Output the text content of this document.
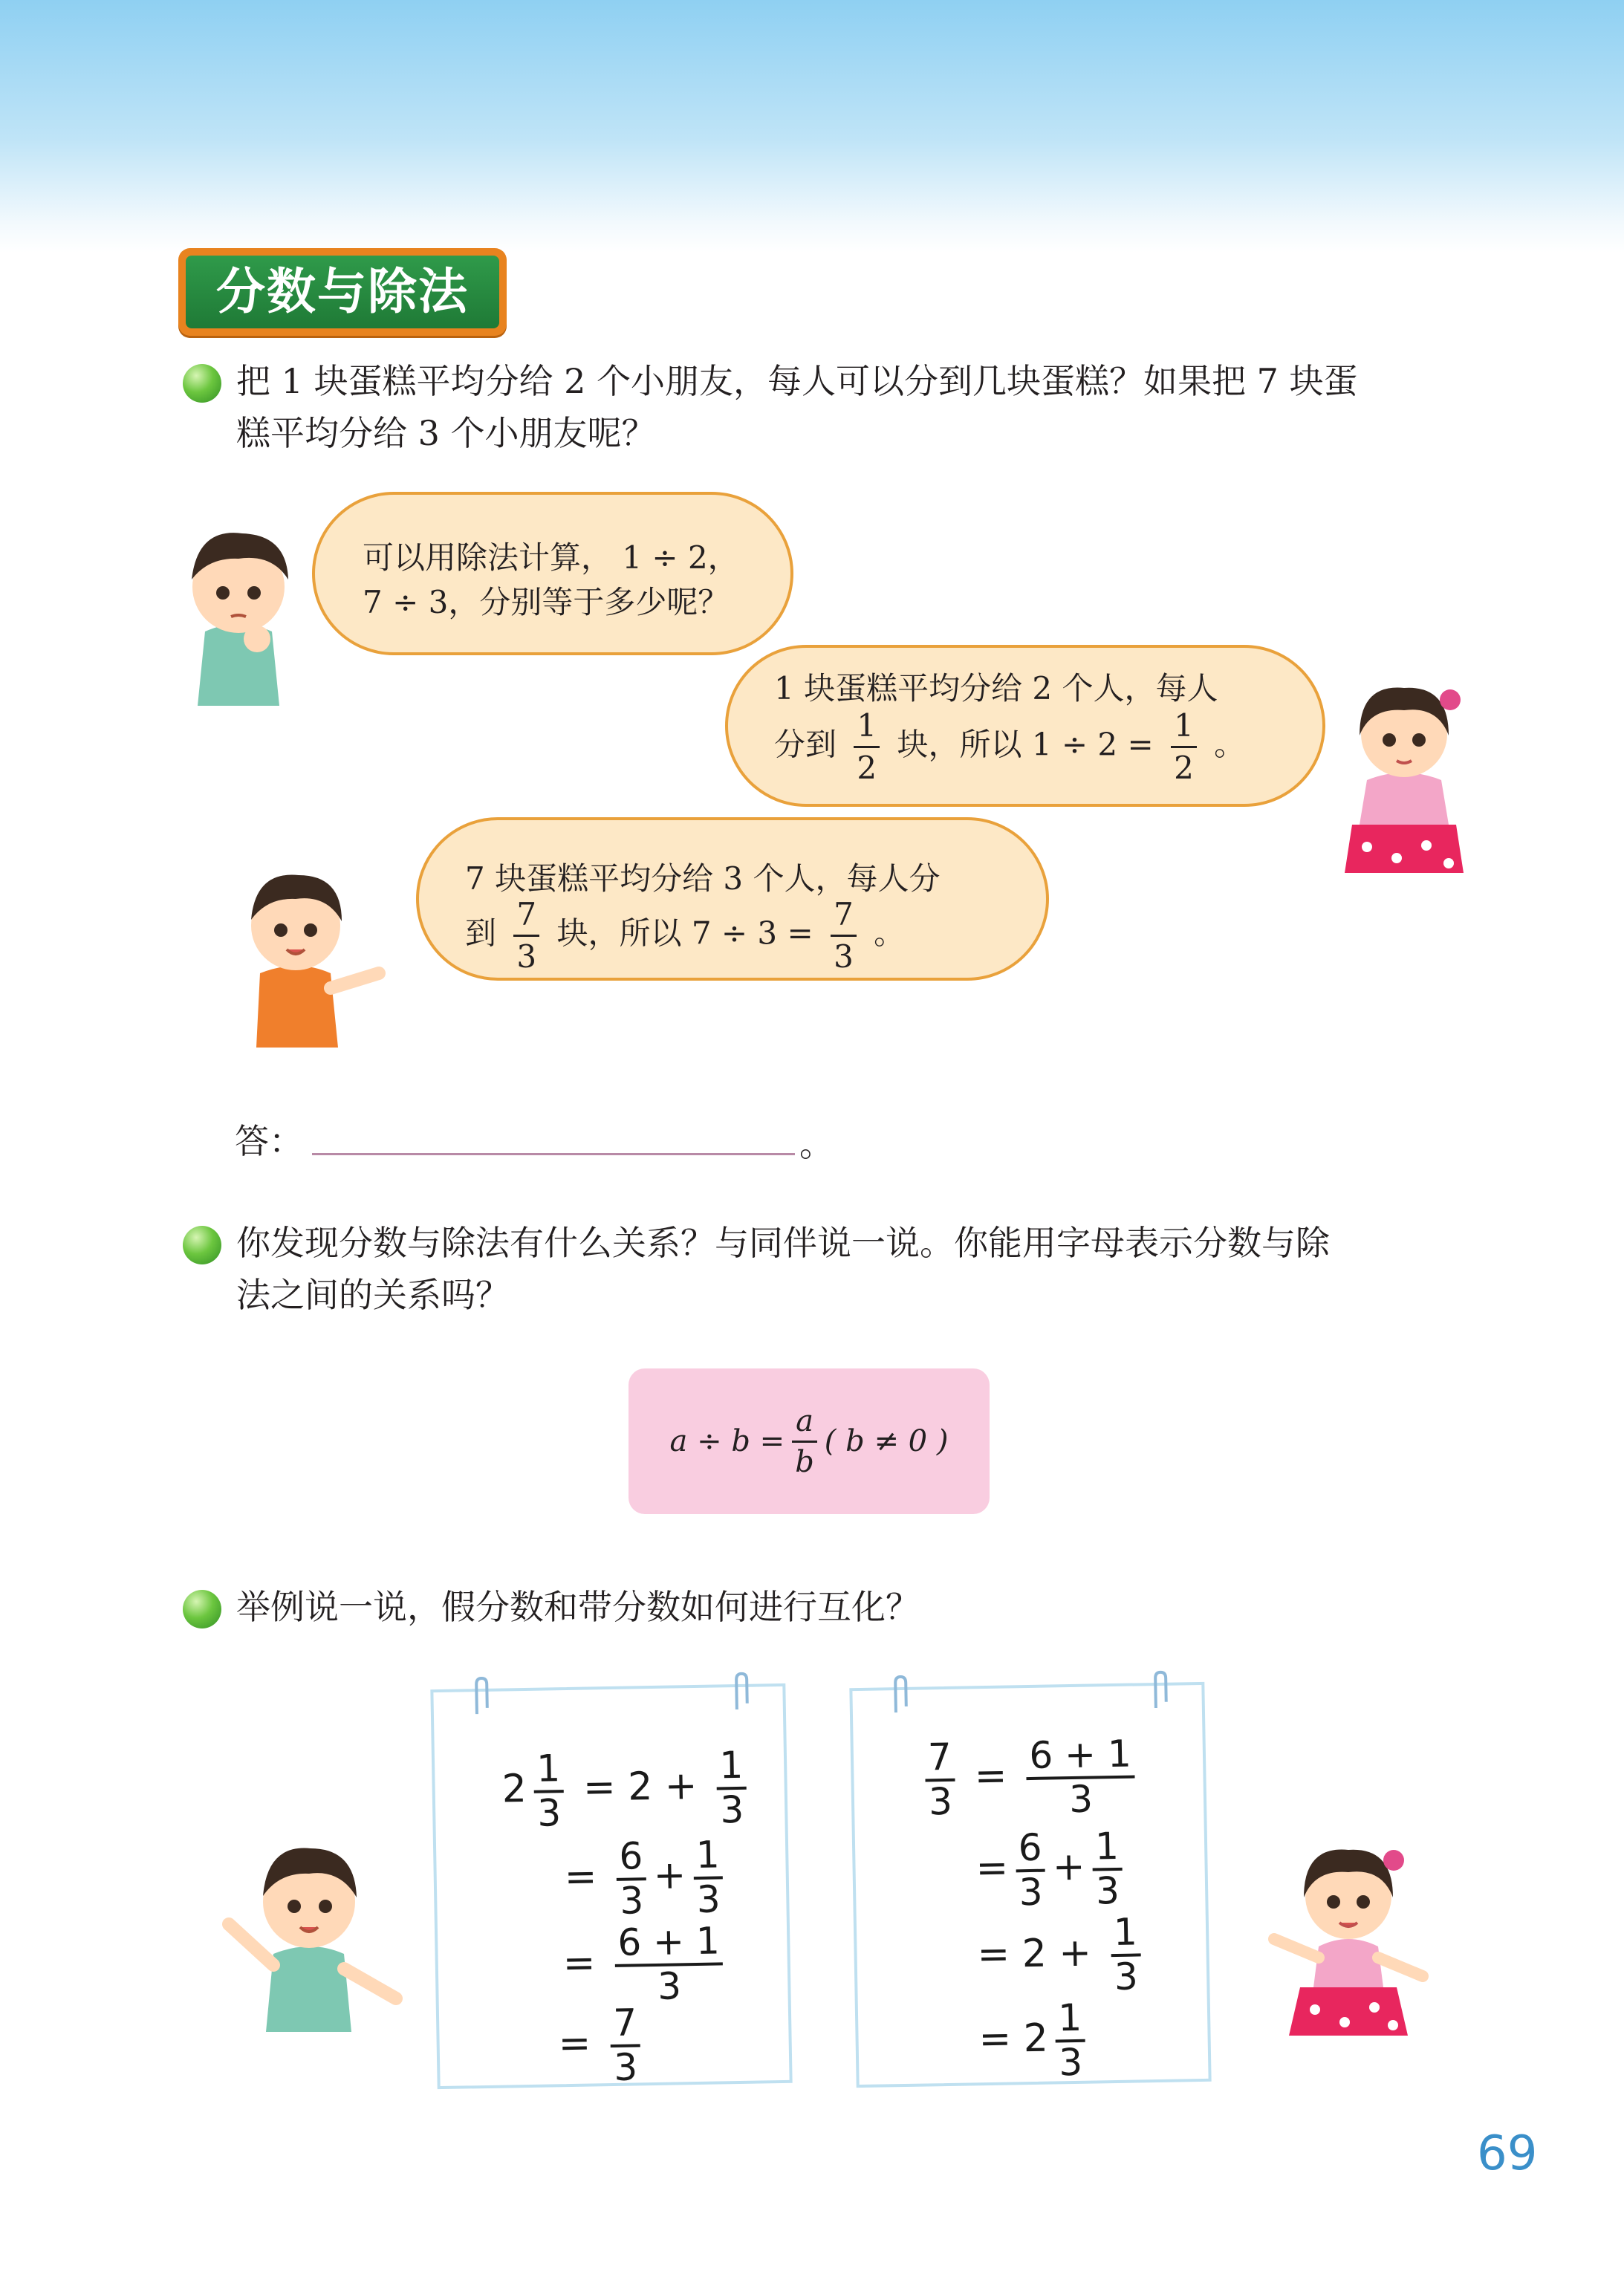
分数与除法
把 1 块蛋糕平均分给 2 个小朋友，每人可以分到几块蛋糕？如果把 7 块蛋
糕平均分给 3 个小朋友呢？
可以用除法计算， 1 ÷ 2，
7 ÷ 3，分别等于多少呢？
1 块蛋糕平均分给 2 个人，每人
分到 $\frac{1}{2}$ 块，所以 $1 \div 2 = \frac{1}{2}$ 。
7 块蛋糕平均分给 3 个人，每人分
到 $\frac{7}{3}$ 块，所以 $7 \div 3 = \frac{7}{3}$ 。
答：	。
你发现分数与除法有什么关系？与同伴说一说。你能用字母表示分数与除
法之间的关系吗？
$a \div b = \frac{a}{b}$ ( b ≠ 0 )
举例说一说，假分数和带分数如何进行互化？
$2 \frac{1}{3} = 2 + \frac{1}{3}$
= $\frac{6}{3} + \frac{1}{3}$
= $\frac{6 + 1}{3}$
= $\frac{7}{3}$
$\frac{7}{3} = \frac{6 + 1}{3}$
= $\frac{6}{3} + \frac{1}{3}$
= $2 + \frac{1}{3}$
= $2 \frac{1}{3}$
69
